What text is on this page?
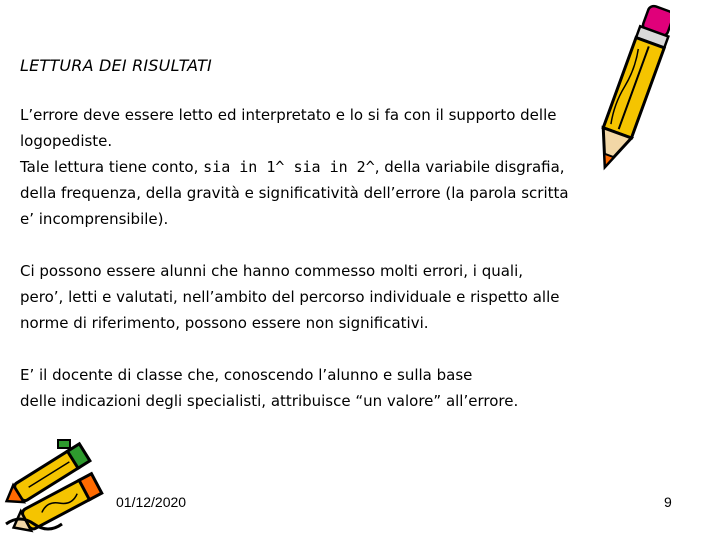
LETTURA DEI RISULTATI
L’errore deve essere letto ed interpretato e lo si fa con il supporto delle
logopediste.
Tale lettura tiene conto, sia in 1^ sia in 2^, della variabile disgrafia,
della frequenza, della gravità e significatività dell’errore (la parola scritta
e’ incomprensibile).
Ci possono essere alunni che hanno commesso molti errori, i quali,
pero’, letti e valutati, nell’ambito del percorso individuale e rispetto alle
norme di riferimento, possono essere non significativi.
E’ il docente di classe che, conoscendo l’alunno e sulla base
delle indicazioni degli specialisti, attribuisce “un valore” all’errore.
01/12/2020	9
